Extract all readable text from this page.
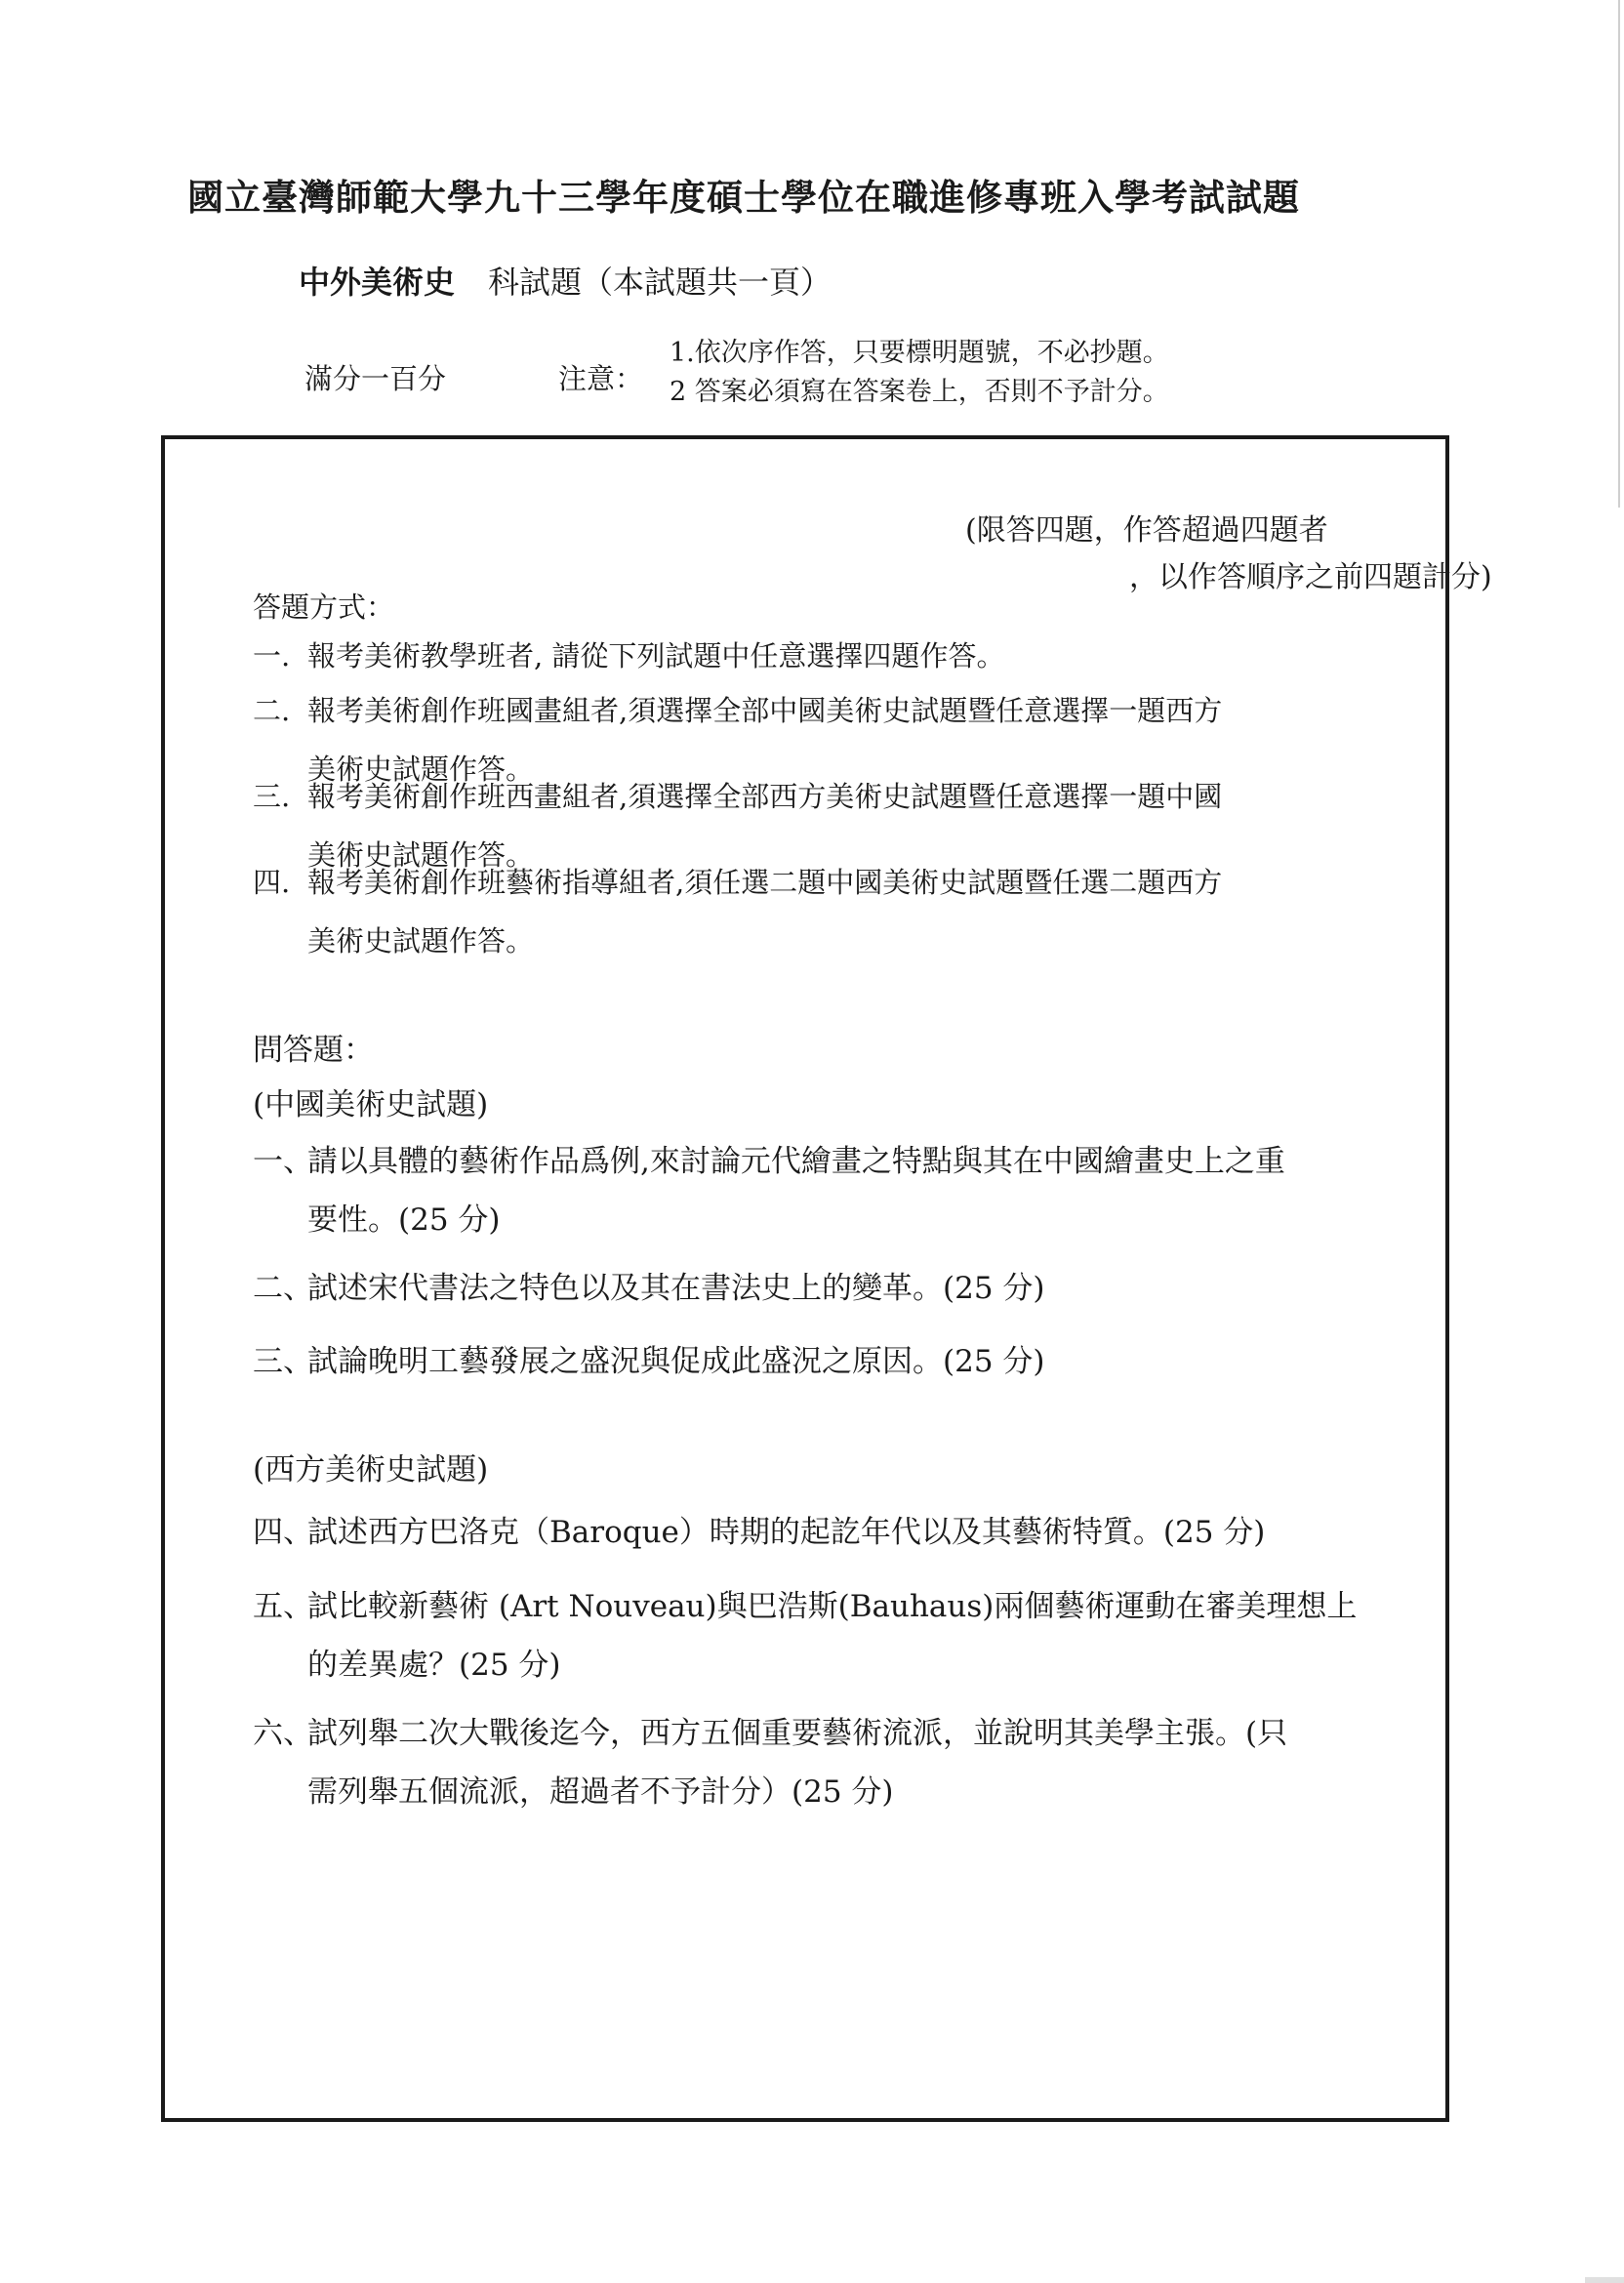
國立臺灣師範大學九十三學年度碩士學位在職進修專班入學考試試題
中外美術史 科試題（本試題共一頁）
滿分一百分	注意：
1.依次序作答，只要標明題號，不必抄題。
2 答案必須寫在答案卷上，否則不予計分。
(限答四題，作答超過四題者
，以作答順序之前四題計分)
答題方式：
一. 報考美術教學班者, 請從下列試題中任意選擇四題作答。
二. 報考美術創作班國畫組者,須選擇全部中國美術史試題暨任意選擇一題西方
美術史試題作答。
三. 報考美術創作班西畫組者,須選擇全部西方美術史試題暨任意選擇一題中國
美術史試題作答。
四. 報考美術創作班藝術指導組者,須任選二題中國美術史試題暨任選二題西方
美術史試題作答。
問答題：
(中國美術史試題)
一、請以具體的藝術作品爲例,來討論元代繪畫之特點與其在中國繪畫史上之重
要性。(25 分)
二、試述宋代書法之特色以及其在書法史上的變革。(25 分)
三、試論晚明工藝發展之盛況與促成此盛況之原因。(25 分)
(西方美術史試題)
四、試述西方巴洛克（Baroque）時期的起訖年代以及其藝術特質。(25 分)
五、試比較新藝術 (Art Nouveau)與巴浩斯(Bauhaus)兩個藝術運動在審美理想上
的差異處？(25 分)
六、試列舉二次大戰後迄今，西方五個重要藝術流派，並說明其美學主張。(只
需列舉五個流派，超過者不予計分）(25 分)
